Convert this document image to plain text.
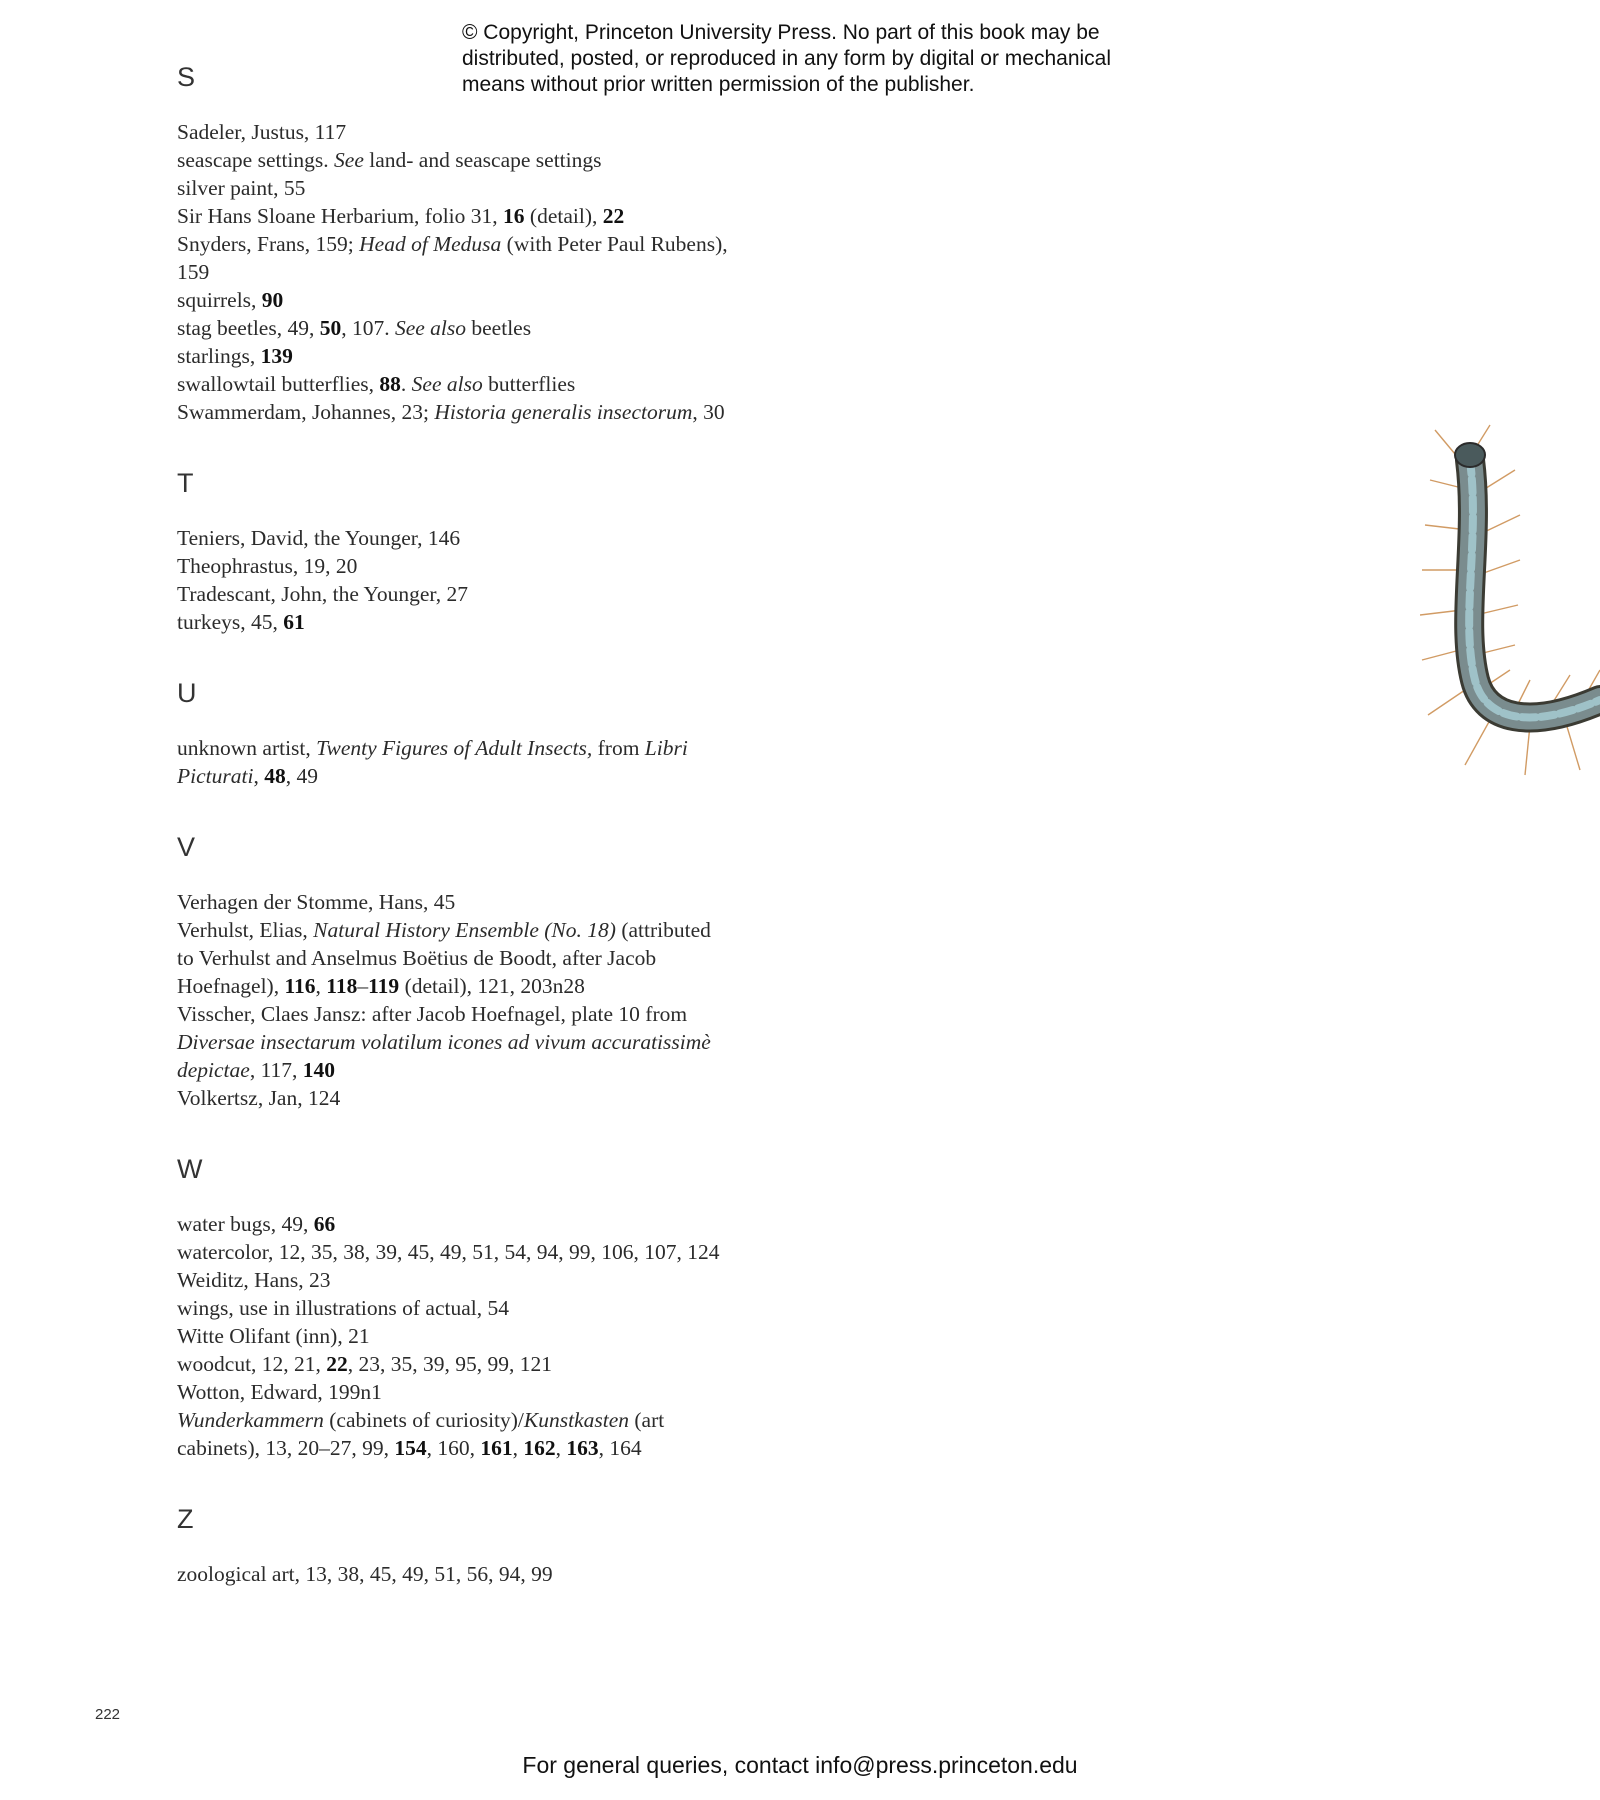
© Copyright, Princeton University Press. No part of this book may be
distributed, posted, or reproduced in any form by digital or mechanical
means without prior written permission of the publisher.
S
Sadeler, Justus, 117
seascape settings. See land- and seascape settings
silver paint, 55
Sir Hans Sloane Herbarium, folio 31, 16 (detail), 22
Snyders, Frans, 159; Head of Medusa (with Peter Paul Rubens),
159
squirrels, 90
stag beetles, 49, 50, 107. See also beetles
starlings, 139
swallowtail butterflies, 88. See also butterflies
Swammerdam, Johannes, 23; Historia generalis insectorum, 30
T
Teniers, David, the Younger, 146
Theophrastus, 19, 20
Tradescant, John, the Younger, 27
turkeys, 45, 61
U
unknown artist, Twenty Figures of Adult Insects, from Libri
Picturati, 48, 49
V
Verhagen der Stomme, Hans, 45
Verhulst, Elias, Natural History Ensemble (No. 18) (attributed
to Verhulst and Anselmus Boëtius de Boodt, after Jacob
Hoefnagel), 116, 118–119 (detail), 121, 203n28
Visscher, Claes Jansz: after Jacob Hoefnagel, plate 10 from
Diversae insectarum volatilum icones ad vivum accuratissimè
depictae, 117, 140
Volkertsz, Jan, 124
W
water bugs, 49, 66
watercolor, 12, 35, 38, 39, 45, 49, 51, 54, 94, 99, 106, 107, 124
Weiditz, Hans, 23
wings, use in illustrations of actual, 54
Witte Olifant (inn), 21
woodcut, 12, 21, 22, 23, 35, 39, 95, 99, 121
Wotton, Edward, 199n1
Wunderkammern (cabinets of curiosity)/Kunstkasten (art
cabinets), 13, 20–27, 99, 154, 160, 161, 162, 163, 164
Z
zoological art, 13, 38, 45, 49, 51, 56, 94, 99
222
For general queries, contact info@press.princeton.edu
